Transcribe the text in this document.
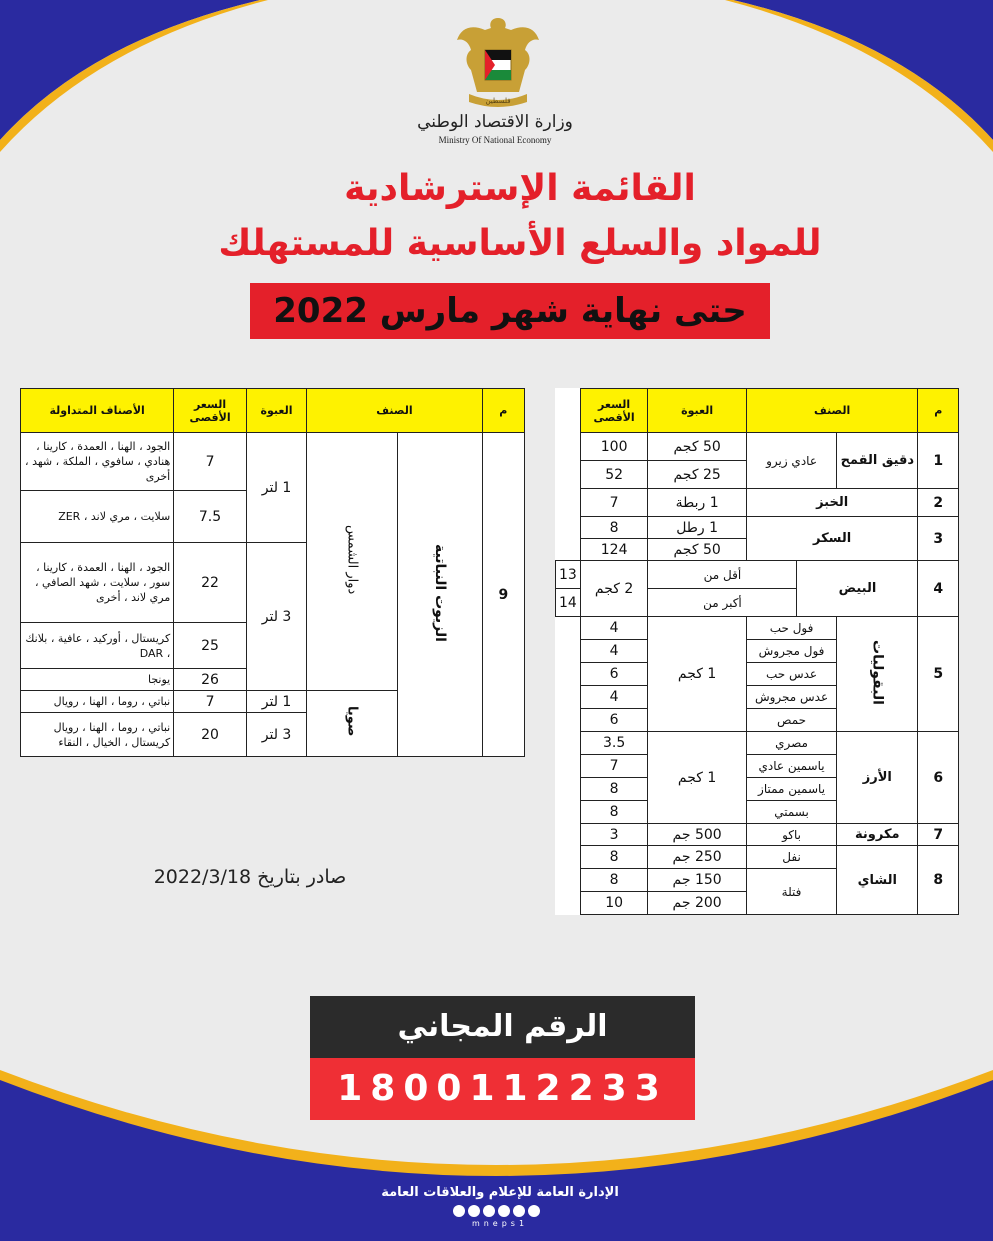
فلسطين
وزارة الاقتصاد الوطني
Ministry Of National Economy
القائمة الإسترشادية
للمواد والسلع الأساسية للمستهلك
حتى نهاية شهر مارس 2022
م	الصنف			العبوة	السعر الأقصى	
1	دقيق القمح	عادي زيرو		50 كجم	100	
				25 كجم	52	
2	الخبز			1 ربطة	7	
3	السكر			1 رطل	8	
				50 كجم	124	
4	البيض		أقل من		2 كجم	13
			أكبر من			14
5	البقوليات	فول حب		1 كجم	4	
		فول مجروش			4	
		عدس حب			6	
		عدس مجروش			4	
		حمص			6	
6	الأرز	مصري		1 كجم	3.5	
		ياسمين عادي			7	
		ياسمين ممتاز			8	
		بسمتي			8	
7	مكرونة	باكو		500 جم	3	
8	الشاي	نفل		250 جم	8	
		فتلة		150 جم	8	
				200 جم	10	
م	الصنف		العبوة	السعر الأقصى	الأصناف المتداولة
9	الزيوت النباتية	دوار الشمس	1 لتر	7	الجود ، الهنا ، العمدة ، كارينا ، هنادي ، سافوي ، الملكة ، شهد ، أخرى
				7.5	سلايت ، مري لاند ، ZER
			3 لتر	22	الجود ، الهنا ، العمدة ، كارينا ، سور ، سلايت ، شهد الصافي ، مري لاند ، أخرى
				25	كريستال ، أوركيد ، عافية ، بلانك ، DAR
				26	يونجا
		صويا	1 لتر	7	نباتي ، روما ، الهنا ، رويال
			3 لتر	20	نباتي ، روما ، الهنا ، رويال كريستال ، الخيال ، النقاء
صادر بتاريخ 2022/3/18
الرقم المجاني
1800112233
الإدارة العامة للإعلام والعلاقات العامة
mneps1
